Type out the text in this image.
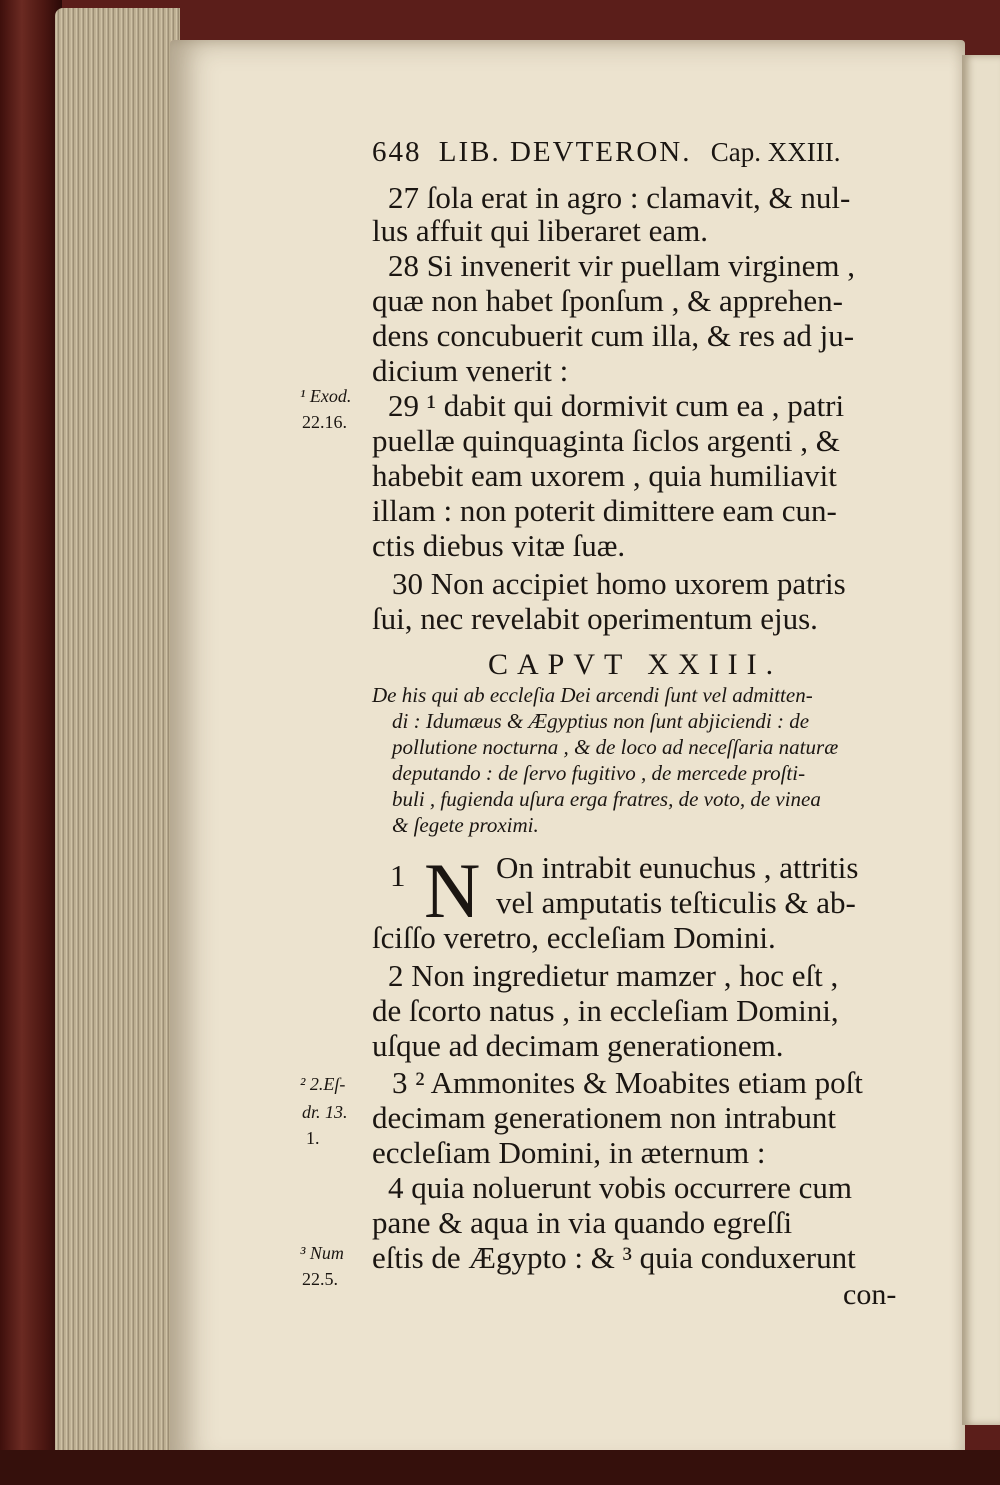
648 LIB. DEVTERON. Cap. XXIII.
27 ſola erat in agro : clamavit, & nul-
lus affuit qui liberaret eam.
28 Si invenerit vir puellam virginem ,
quæ non habet ſponſum , & apprehen-
dens concubuerit cum illa, & res ad ju-
dicium venerit :
29 ¹ dabit qui dormivit cum ea , patri
puellæ quinquaginta ſiclos argenti , &
habebit eam uxorem , quia humiliavit
illam : non poterit dimittere eam cun-
ctis diebus vitæ ſuæ.
30 Non accipiet homo uxorem patris
ſui, nec revelabit operimentum ejus.
¹ Exod.
22.16.
CAPVT XXIII.
De his qui ab eccleſia Dei arcendi ſunt vel admitten-
di : Idumæus & Ægyptius non ſunt abjiciendi : de
pollutione nocturna , & de loco ad neceſſaria naturæ
deputando : de ſervo fugitivo , de mercede proſti-
buli , fugienda uſura erga fratres, de voto, de vinea
& ſegete proximi.
1 N On intrabit eunuchus , attritis
vel amputatis teſticulis & ab-
ſciſſo veretro, eccleſiam Domini.
2 Non ingredietur mamzer , hoc eſt ,
de ſcorto natus , in eccleſiam Domini,
uſque ad decimam generationem.
3 ² Ammonites & Moabites etiam poſt
decimam generationem non intrabunt
eccleſiam Domini, in æternum :
4 quia noluerunt vobis occurrere cum
pane & aqua in via quando egreſſi
eſtis de Ægypto : & ³ quia conduxerunt
² 2.Eſ-
dr. 13.
1.
³ Num
22.5.	con-
